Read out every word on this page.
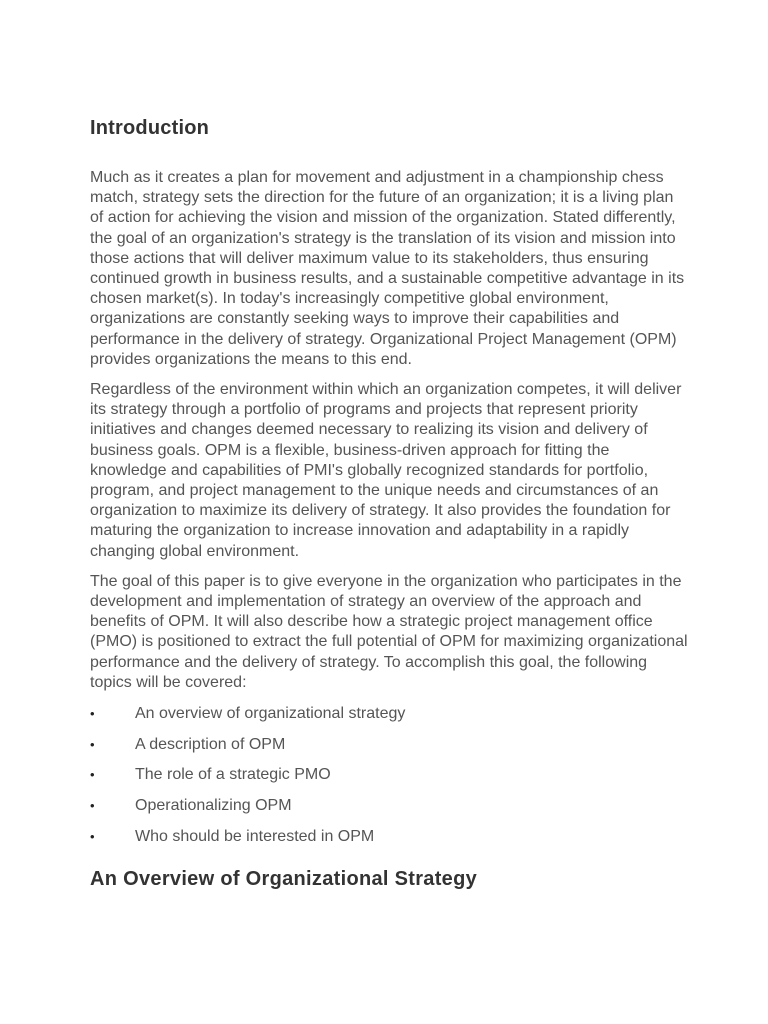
Introduction

Much as it creates a plan for movement and adjustment in a championship chess match, strategy sets the direction for the future of an organization; it is a living plan of action for achieving the vision and mission of the organization. Stated differently, the goal of an organization's strategy is the translation of its vision and mission into those actions that will deliver maximum value to its stakeholders, thus ensuring continued growth in business results, and a sustainable competitive advantage in its chosen market(s). In today's increasingly competitive global environment, organizations are constantly seeking ways to improve their capabilities and performance in the delivery of strategy. Organizational Project Management (OPM) provides organizations the means to this end.

Regardless of the environment within which an organization competes, it will deliver its strategy through a portfolio of programs and projects that represent priority initiatives and changes deemed necessary to realizing its vision and delivery of business goals. OPM is a flexible, business-driven approach for fitting the knowledge and capabilities of PMI's globally recognized standards for portfolio, program, and project management to the unique needs and circumstances of an organization to maximize its delivery of strategy. It also provides the foundation for maturing the organization to increase innovation and adaptability in a rapidly changing global environment.

The goal of this paper is to give everyone in the organization who participates in the development and implementation of strategy an overview of the approach and benefits of OPM. It will also describe how a strategic project management office (PMO) is positioned to extract the full potential of OPM for maximizing organizational performance and the delivery of strategy. To accomplish this goal, the following topics will be covered:

•	An overview of organizational strategy
•	A description of OPM
•	The role of a strategic PMO
•	Operationalizing OPM
•	Who should be interested in OPM
An Overview of Organizational Strategy
